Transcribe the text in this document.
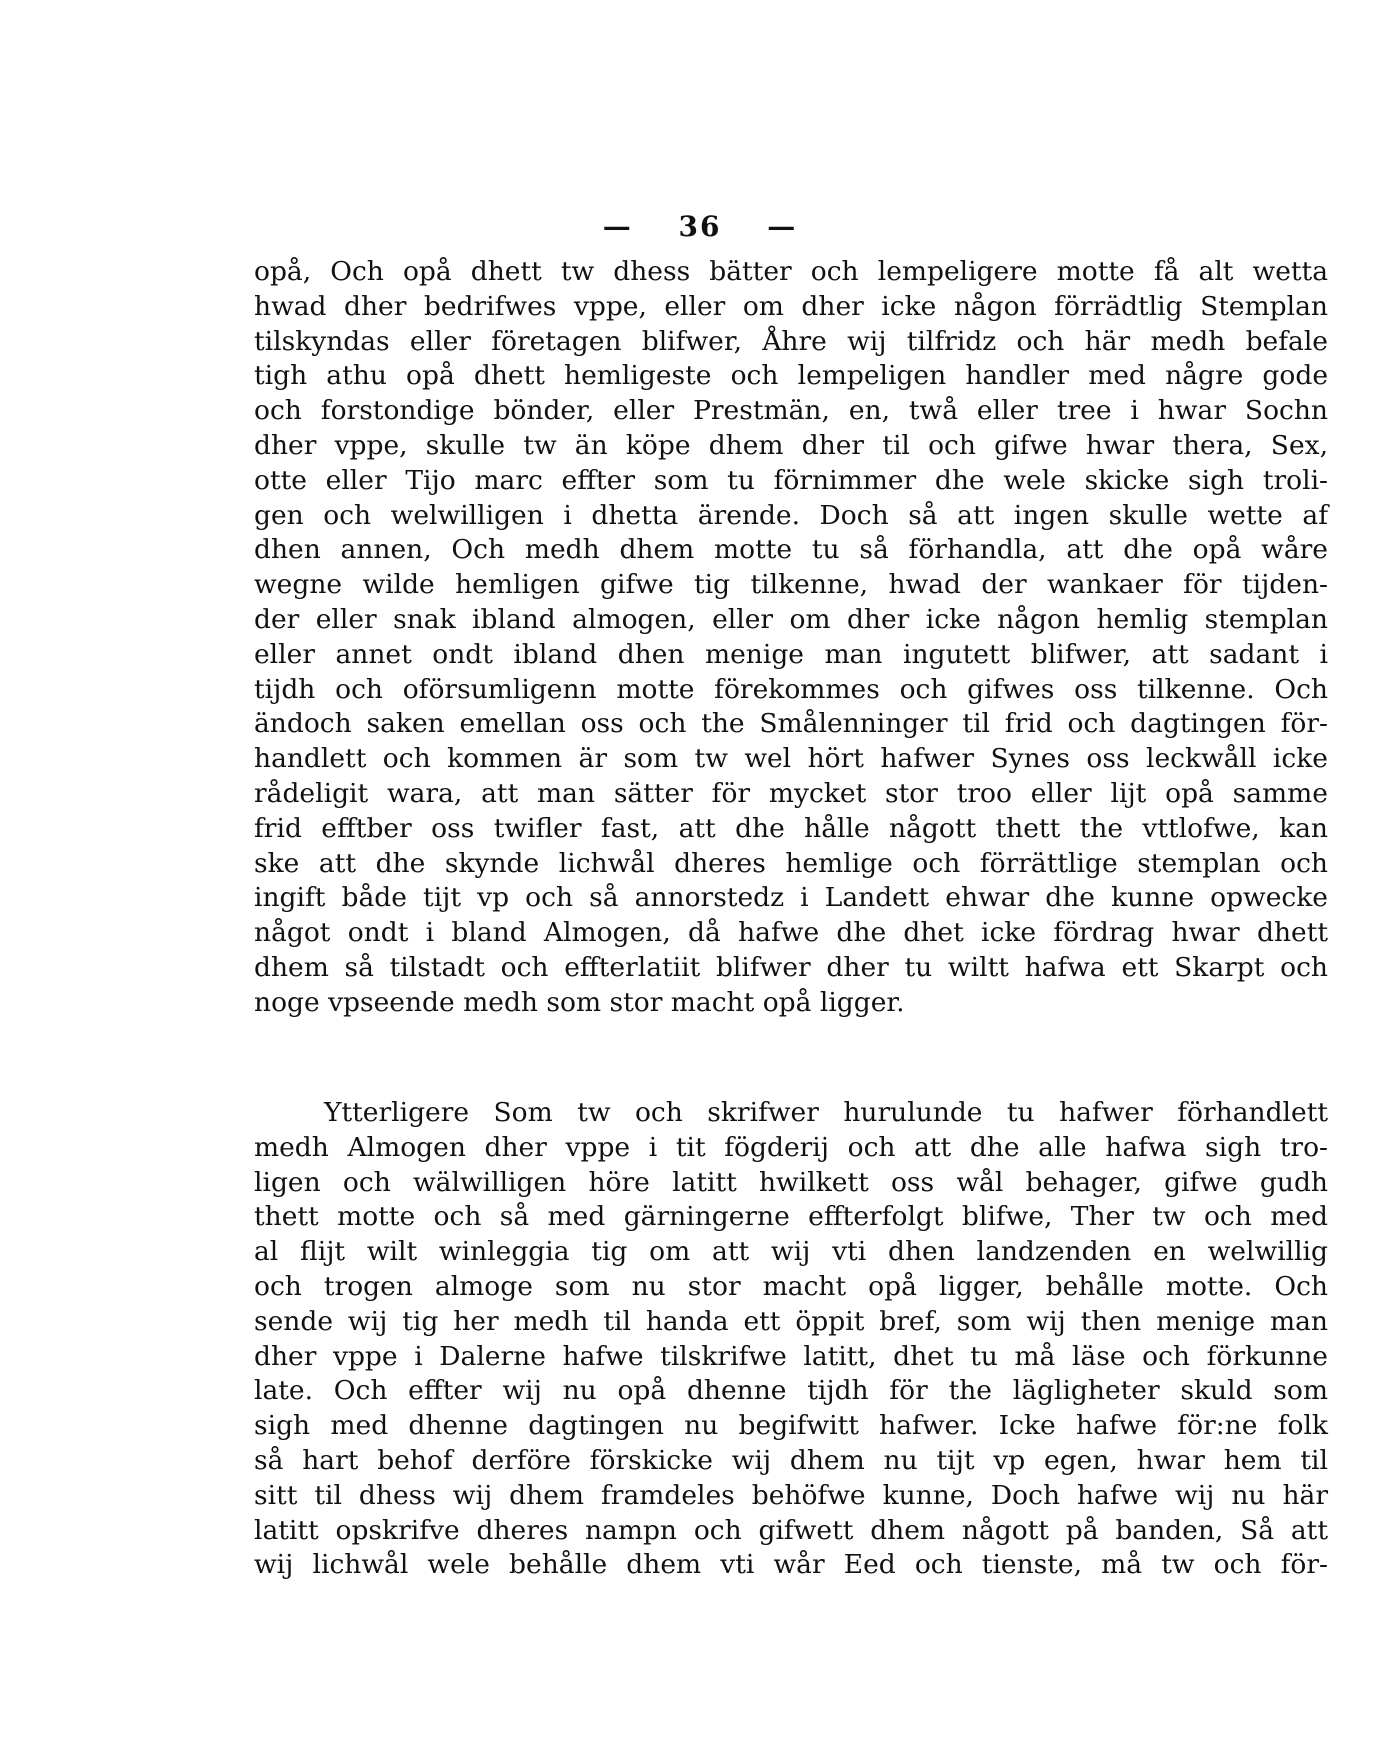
— 36 —
opå, Och opå dhett tw dhess bätter och lempeligere motte få alt wetta
hwad dher bedrifwes vppe, eller om dher icke någon förrädtlig Stemplan
tilskyndas eller företagen blifwer, Åhre wij tilfridz och här medh befale
tigh athu opå dhett hemligeste och lempeligen handler med någre gode
och forstondige bönder, eller Prestmän, en, twå eller tree i hwar Sochn
dher vppe, skulle tw än köpe dhem dher til och gifwe hwar thera, Sex,
otte eller Tijo marc effter som tu förnimmer dhe wele skicke sigh troli-
gen och welwilligen i dhetta ärende. Doch så att ingen skulle wette af
dhen annen, Och medh dhem motte tu så förhandla, att dhe opå wåre
wegne wilde hemligen gifwe tig tilkenne, hwad der wankaer för tijden-
der eller snak ibland almogen, eller om dher icke någon hemlig stemplan
eller annet ondt ibland dhen menige man ingutett blifwer, att sadant i
tijdh och oförsumligenn motte förekommes och gifwes oss tilkenne. Och
ändoch saken emellan oss och the Smålenninger til frid och dagtingen för-
handlett och kommen är som tw wel hört hafwer Synes oss leckwåll icke
rådeligit wara, att man sätter för mycket stor troo eller lijt opå samme
frid efftber oss twifler fast, att dhe hålle någott thett the vttlofwe, kan
ske att dhe skynde lichwål dheres hemlige och förrättlige stemplan och
ingift både tijt vp och så annorstedz i Landett ehwar dhe kunne opwecke
något ondt i bland Almogen, då hafwe dhe dhet icke fördrag hwar dhett
dhem så tilstadt och effterlatiit blifwer dher tu wiltt hafwa ett Skarpt och
noge vpseende medh som stor macht opå ligger.
Ytterligere Som tw och skrifwer hurulunde tu hafwer förhandlett
medh Almogen dher vppe i tit fögderij och att dhe alle hafwa sigh tro-
ligen och wälwilligen höre latitt hwilkett oss wål behager, gifwe gudh
thett motte och så med gärningerne effterfolgt blifwe, Ther tw och med
al flijt wilt winleggia tig om att wij vti dhen landzenden en welwillig
och trogen almoge som nu stor macht opå ligger, behålle motte. Och
sende wij tig her medh til handa ett öppit bref, som wij then menige man
dher vppe i Dalerne hafwe tilskrifwe latitt, dhet tu må läse och förkunne
late. Och effter wij nu opå dhenne tijdh för the lägligheter skuld som
sigh med dhenne dagtingen nu begifwitt hafwer. Icke hafwe för:ne folk
så hart behof derföre förskicke wij dhem nu tijt vp egen, hwar hem til
sitt til dhess wij dhem framdeles behöfwe kunne, Doch hafwe wij nu här
latitt opskrifve dheres nampn och gifwett dhem någott på banden, Så att
wij lichwål wele behålle dhem vti wår Eed och tienste, må tw och för-
